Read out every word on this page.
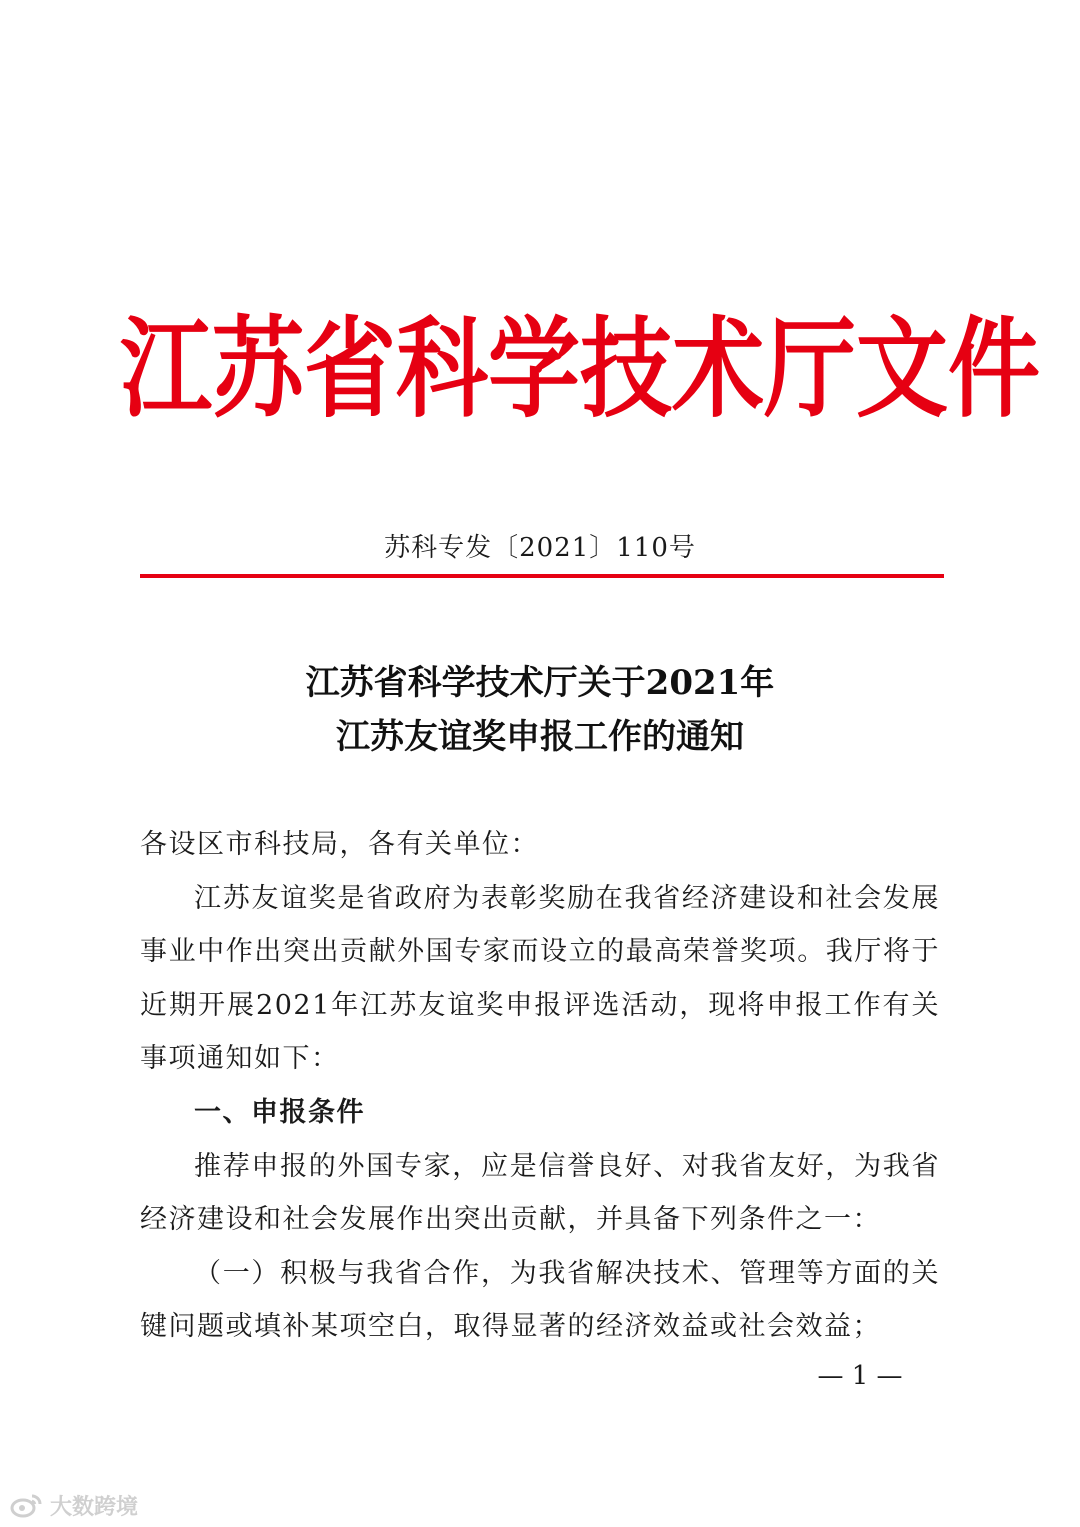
江苏省科学技术厅文件
苏科专发〔2021〕110号
江苏省科学技术厅关于2021年
江苏友谊奖申报工作的通知

各设区市科技局，各有关单位：

江苏友谊奖是省政府为表彰奖励在我省经济建设和社会发展事业中作出突出贡献外国专家而设立的最高荣誉奖项。我厅将于近期开展2021年江苏友谊奖申报评选活动，现将申报工作有关事项通知如下：

一、申报条件

推荐申报的外国专家，应是信誉良好、对我省友好，为我省经济建设和社会发展作出突出贡献，并具备下列条件之一：

（一）积极与我省合作，为我省解决技术、管理等方面的关键问题或填补某项空白，取得显著的经济效益或社会效益；

— 1 —
大数跨境
